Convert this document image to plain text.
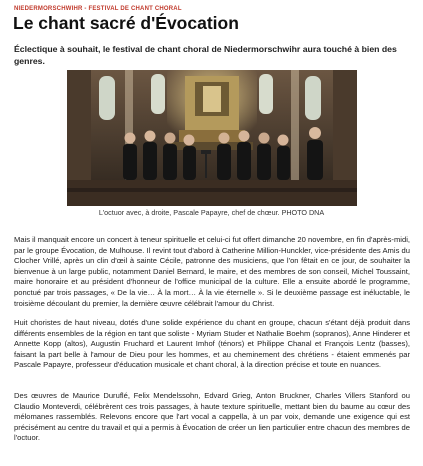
NIEDERMORSCHWIHR - FESTIVAL DE CHANT CHORAL
Le chant sacré d'Évocation

Éclectique à souhait, le festival de chant choral de Niedermorschwihr aura touché à bien des genres.

L'octuor avec, à droite, Pascale Papayre, chef de chœur. PHOTO DNA

Mais il manquait encore un concert à teneur spirituelle et celui-ci fut offert dimanche 20 novembre, en fin d'après-midi, par le groupe Évocation, de Mulhouse. Il revint tout d'abord à Catherine Million-Hunckler, vice-présidente des Amis du Clocher Vrillé, après un clin d'œil à sainte Cécile, patronne des musiciens, que l'on fêtait en ce jour, de souhaiter la bienvenue à un large public, notamment Daniel Bernard, le maire, et des membres de son conseil, Michel Toussaint, maire honoraire et au président d'honneur de l'office municipal de la culture. Elle a ensuite abordé le programme, ponctué par trois passages, « De la vie… À la mort… À la vie éternelle ». Si le deuxième passage est inéluctable, le troisième découlant du premier, la dernière œuvre célébrait l'amour du Christ.

Huit choristes de haut niveau, dotés d'une solide expérience du chant en groupe, chacun s'étant déjà produit dans différents ensembles de la région en tant que soliste - Myriam Studer et Nathalie Boehm (sopranos), Anne Hinderer et Annette Kopp (altos), Augustin Fruchard et Laurent Imhof (ténors) et Philippe Chanal et François Lentz (basses), faisant la part belle à l'amour de Dieu pour les hommes, et au cheminement des chrétiens - étaient emmenés par Pascale Papayre, professeur d'éducation musicale et chant choral, à la direction précise et toute en nuances.

Des œuvres de Maurice Duruflé, Felix Mendelssohn, Edvard Grieg, Anton Bruckner, Charles Villers Stanford ou Claudio Monteverdi, célébrèrent ces trois passages, à haute texture spirituelle, mettant bien du baume au cœur des mélomanes rassemblés. Relevons encore que l'art vocal a cappella, à un par voix, demande une exigence qui est précisément au centre du travail et qui a permis à Évocation de créer un lien particulier entre chacun des membres de l'octuor.
